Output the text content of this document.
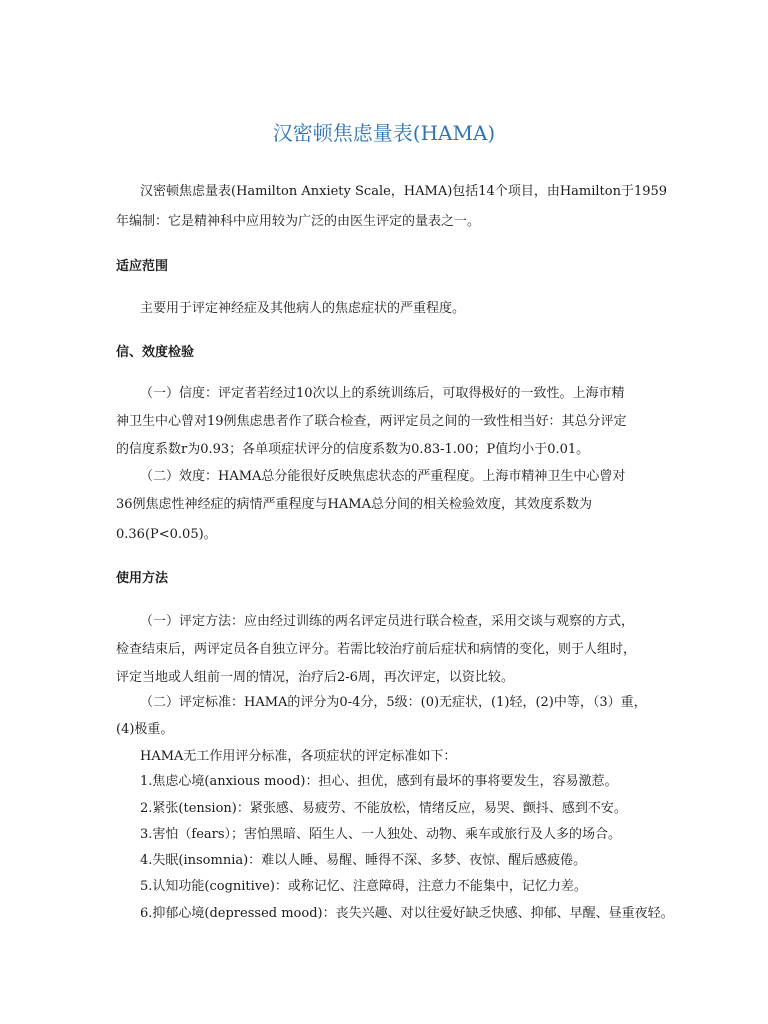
汉密顿焦虑量表(HAMA)
汉密顿焦虑量表(Hamilton Anxiety Scale，HAMA)包括14个项目，由Hamilton于1959
年编制：它是精神科中应用较为广泛的由医生评定的量表之一。
适应范围
主要用于评定神经症及其他病人的焦虑症状的严重程度。
信、效度检验
（一）信度：评定者若经过10次以上的系统训练后，可取得极好的一致性。上海市精
神卫生中心曾对19例焦虑患者作了联合检查，两评定员之间的一致性相当好：其总分评定
的信度系数r为0.93；各单项症状评分的信度系数为0.83-1.00；P值均小于0.01。
（二）效度：HAMA总分能很好反映焦虑状态的严重程度。上海市精神卫生中心曾对
36例焦虑性神经症的病情严重程度与HAMA总分间的相关检验效度，其效度系数为
0.36(P<0.05)。
使用方法
（一）评定方法：应由经过训练的两名评定员进行联合检查，采用交谈与观察的方式，
检查结束后，两评定员各自独立评分。若需比较治疗前后症状和病情的变化，则于人组时，
评定当地或人组前一周的情况，治疗后2-6周，再次评定，以资比较。
（二）评定标准：HAMA的评分为0-4分，5级：(0)无症状，(1)轻，(2)中等，（3）重，
(4)极重。
HAMA无工作用评分标准，各项症状的评定标准如下：
1.焦虑心境(anxious mood)：担心、担优，感到有最坏的事将要发生，容易激惹。
2.紧张(tension)：紧张感、易疲劳、不能放松，情绪反应，易哭、颤抖、感到不安。
3.害怕（fears）；害怕黑暗、陌生人、一人独处、动物、乘车或旅行及人多的场合。
4.失眠(insomnia)：难以人睡、易醒、睡得不深、多梦、夜惊、醒后感疲倦。
5.认知功能(cognitive)：或称记忆、注意障碍，注意力不能集中，记忆力差。
6.抑郁心境(depressed mood)：丧失兴趣、对以往爱好缺乏快感、抑郁、早醒、昼重夜轻。
